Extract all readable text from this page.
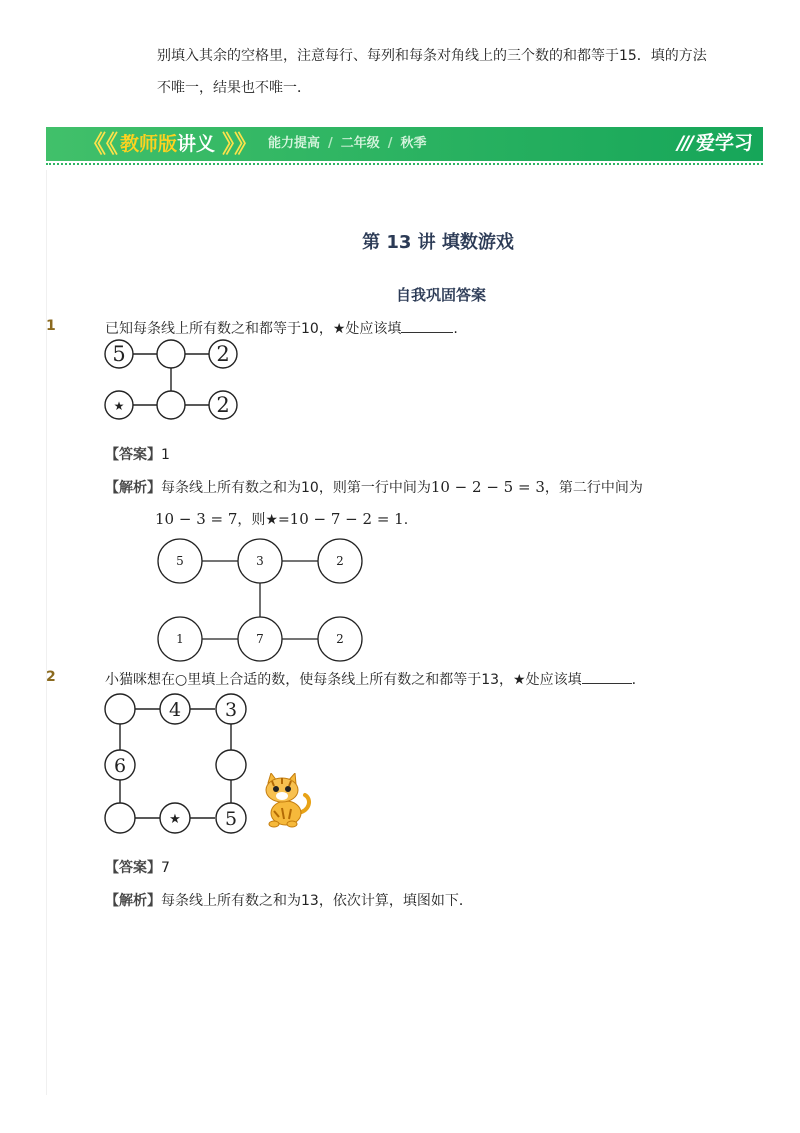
别填入其余的空格里，注意每行、每列和每条对角线上的三个数的和都等于15．填的方法
不唯一，结果也不唯一．
《《 教师版讲义 》》 能力提高 / 二年级 / 秋季	/// 爱学习
第 13 讲 填数游戏
自我巩固答案
1	已知每条线上所有数之和都等于10，★处应该填	.
5	2
★	2
【答案】1
【解析】每条线上所有数之和为10，则第一行中间为10 − 2 − 5 = 3，第二行中间为
10 − 3 = 7，则★=10 − 7 − 2 = 1.
5	3	2
1	7	2
2	小猫咪想在○里填上合适的数，使每条线上所有数之和都等于13，★处应该填	.
4 3
6
★ 5
【答案】7
【解析】每条线上所有数之和为13，依次计算，填图如下．
